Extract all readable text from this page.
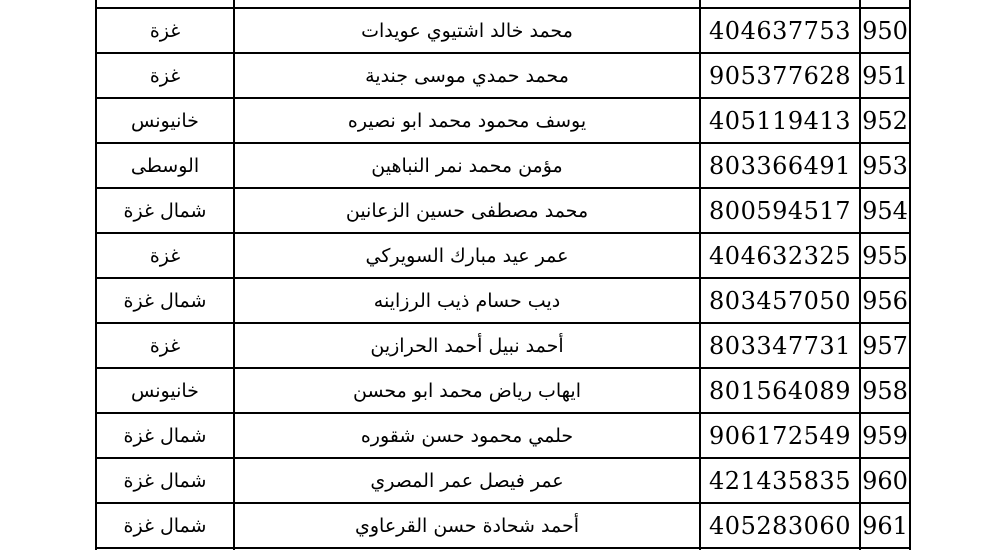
غزة	محمد خالد اشتيوي عويدات	404637753	950
غزة	محمد حمدي موسى جندية	905377628	951
خانيونس	يوسف محمود محمد ابو نصيره	405119413	952
الوسطى	مؤمن محمد نمر النباهين	803366491	953
شمال غزة	محمد مصطفى حسين الزعانين	800594517	954
غزة	عمر عيد مبارك السويركي	404632325	955
شمال غزة	ديب حسام ذيب الرزاينه	803457050	956
غزة	أحمد نبيل أحمد الحرازين	803347731	957
خانيونس	ايهاب رياض محمد ابو محسن	801564089	958
شمال غزة	حلمي محمود حسن شقوره	906172549	959
شمال غزة	عمر فيصل عمر المصري	421435835	960
شمال غزة	أحمد شحادة حسن القرعاوي	405283060	961
